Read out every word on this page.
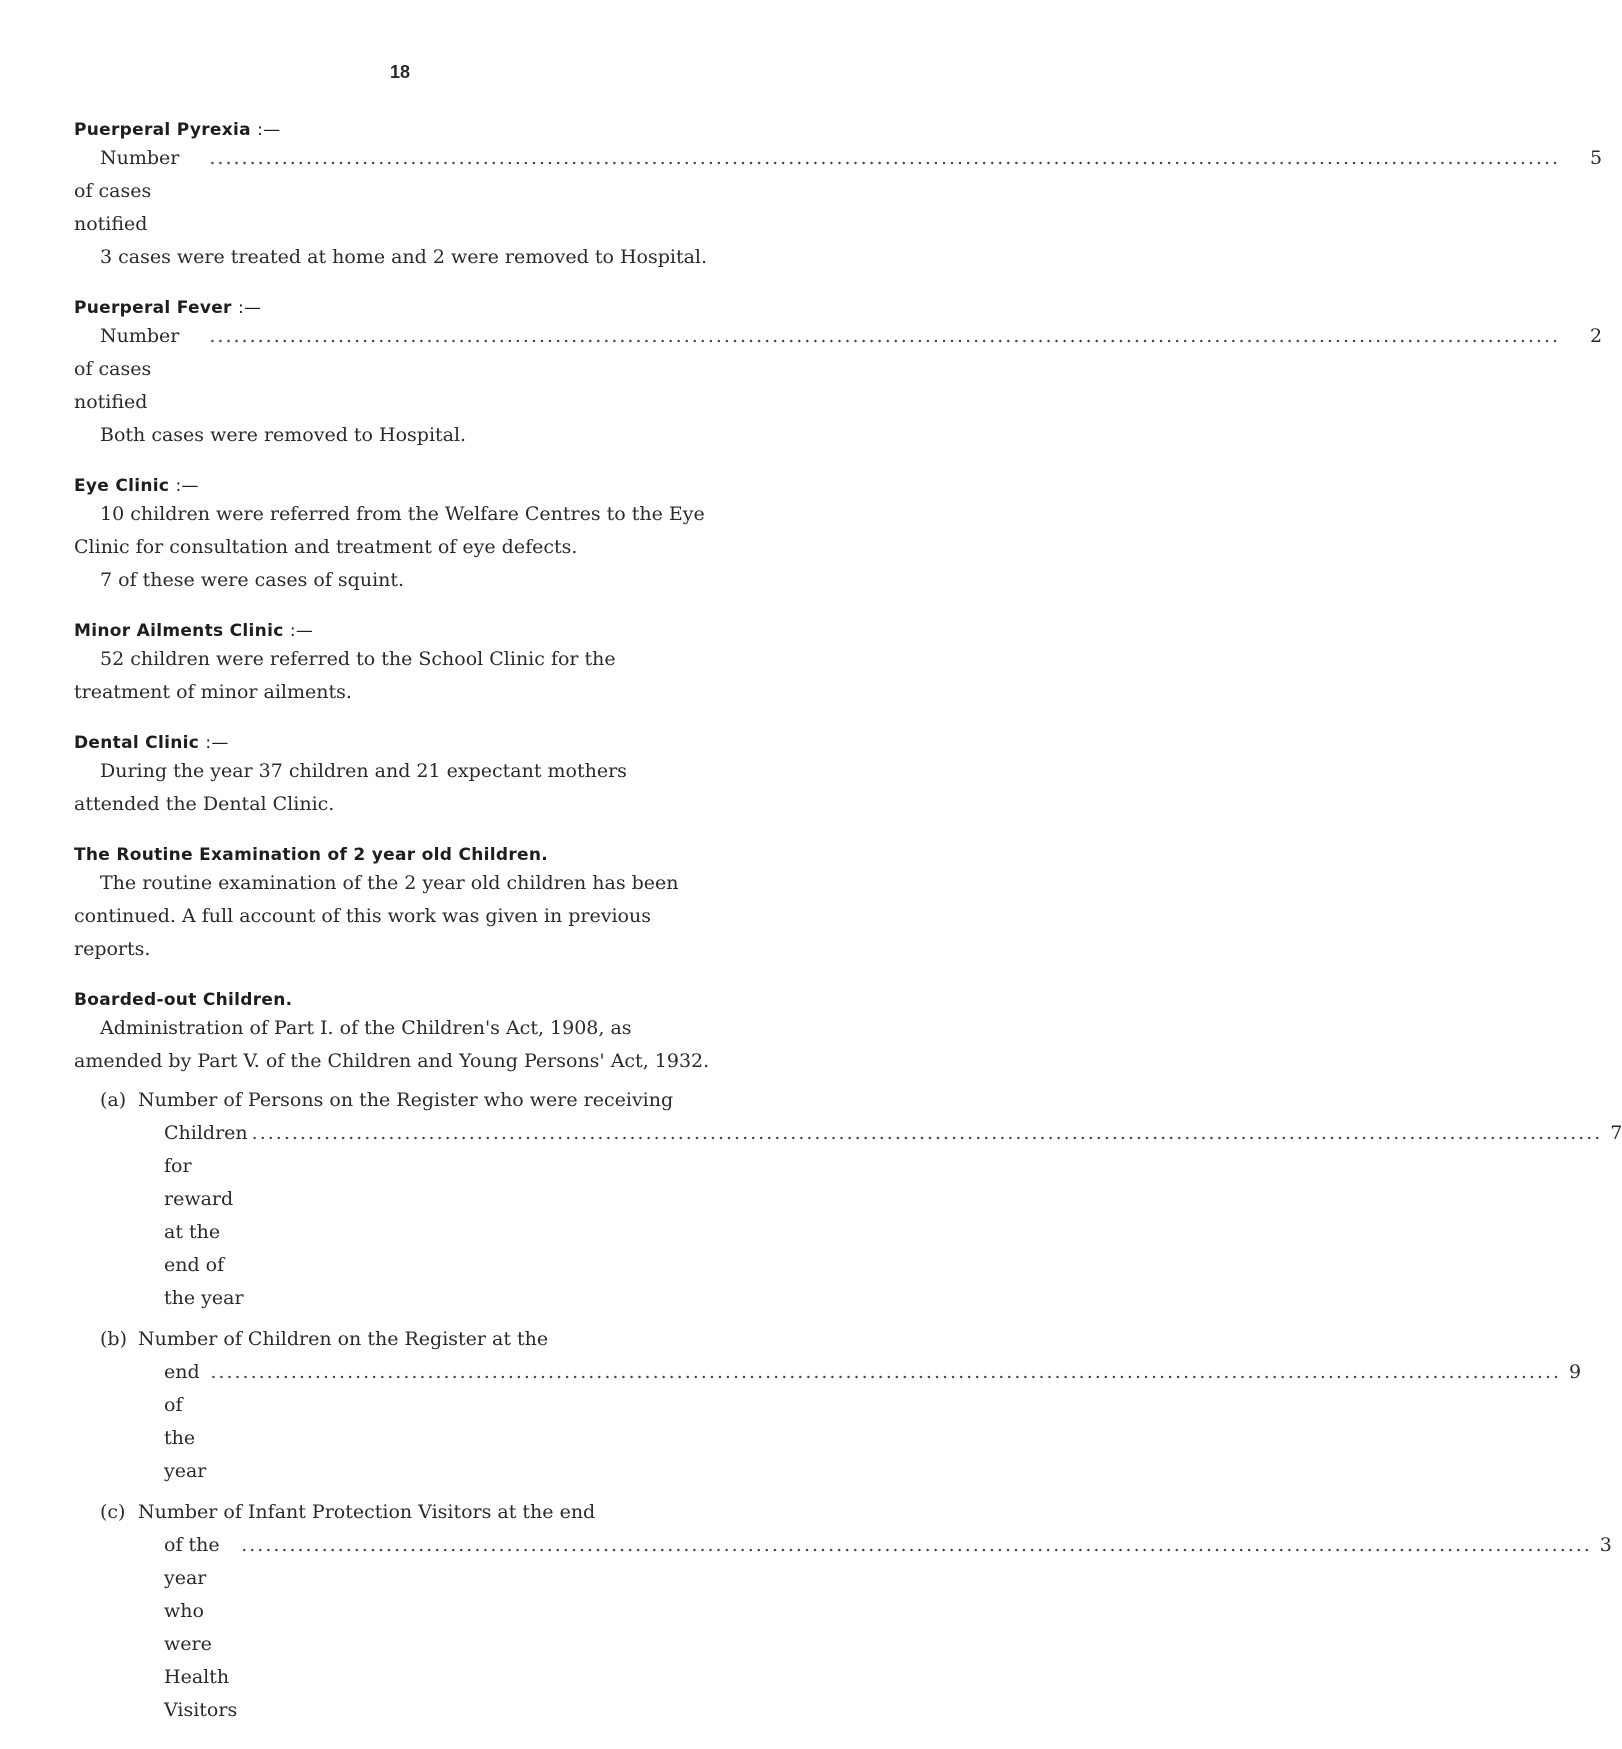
18

Puerperal Pyrexia :—

Number of cases notified
.....
5

3 cases were treated at home and 2 were removed to Hospital.

Puerperal Fever :—

Number of cases notified
.....
2

Both cases were removed to Hospital.

Eye Clinic :—

10 children were referred from the Welfare Centres to the Eye Clinic for consultation and treatment of eye defects.

7 of these were cases of squint.

Minor Ailments Clinic :—

52 children were referred to the School Clinic for the treatment of minor ailments.

Dental Clinic :—

During the year 37 children and 21 expectant mothers attended the Dental Clinic.

The Routine Examination of 2 year old Children.

The routine examination of the 2 year old children has been continued. A full account of this work was given in previous reports.

Boarded-out Children.

Administration of Part I. of the Children's Act, 1908, as amended by Part V. of the Children and Young Persons' Act, 1932.

(a) Number of Persons on the Register who were receiving
Children for reward at the end of the year
.....
7
(b) Number of Children on the Register at the
end of the year
.....
9
(c) Number of Infant Protection Visitors at the end
of the year who were Health Visitors
.....
3
